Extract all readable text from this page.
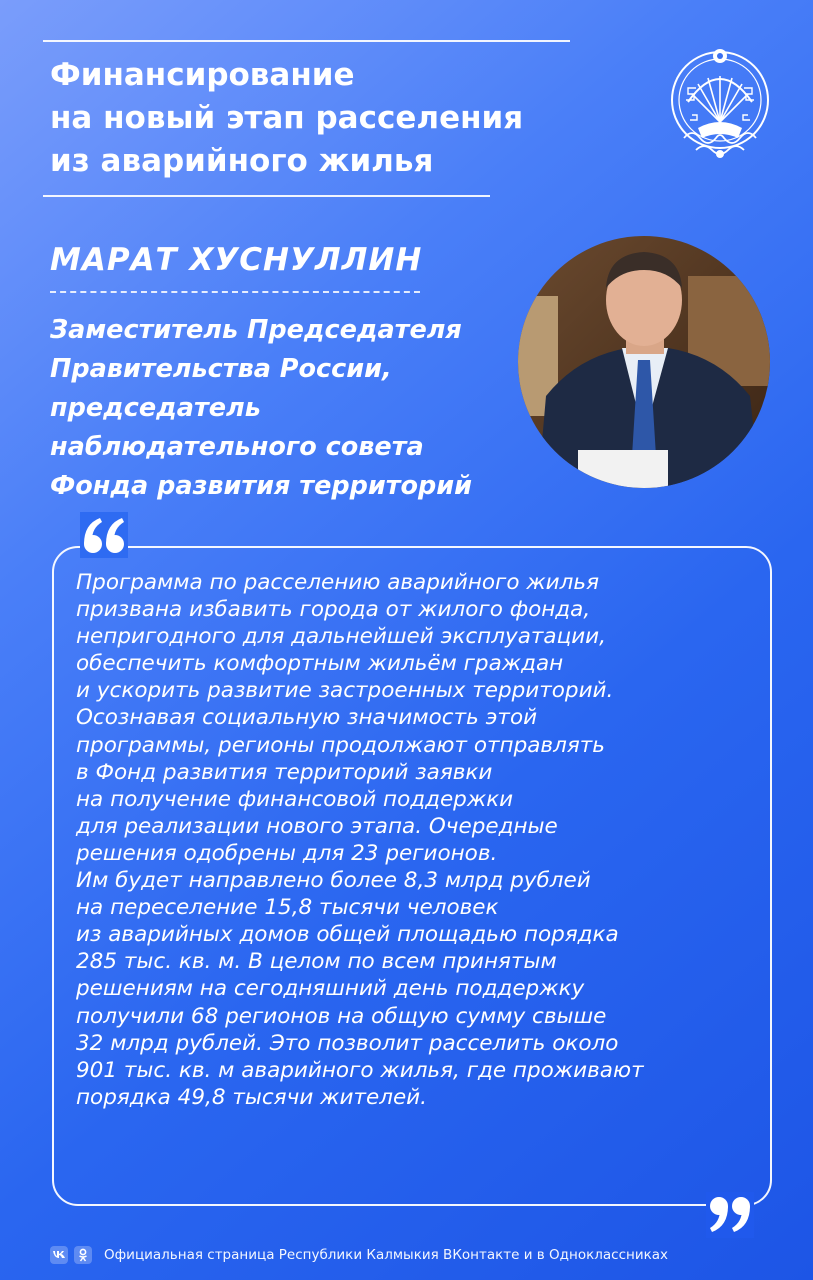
Финансирование
на новый этап расселения
из аварийного жилья
МАРАТ ХУСНУЛЛИН

Заместитель Председателя
Правительства России,
председатель
наблюдательного совета
Фонда развития территорий

Программа по расселению аварийного жилья
призвана избавить города от жилого фонда,
непригодного для дальнейшей эксплуатации,
обеспечить комфортным жильём граждан
и ускорить развитие застроенных территорий.
Осознавая социальную значимость этой
программы, регионы продолжают отправлять
в Фонд развития территорий заявки
на получение финансовой поддержки
для реализации нового этапа. Очередные
решения одобрены для 23 регионов.
Им будет направлено более 8,3 млрд рублей
на переселение 15,8 тысячи человек
из аварийных домов общей площадью порядка
285 тыс. кв. м. В целом по всем принятым
решениям на сегодняшний день поддержку
получили 68 регионов на общую сумму свыше
32 млрд рублей. Это позволит расселить около
901 тыс. кв. м аварийного жилья, где проживают
порядка 49,8 тысячи жителей.

Официальная страница Республики Калмыкия ВКонтакте и в Одноклассниках
